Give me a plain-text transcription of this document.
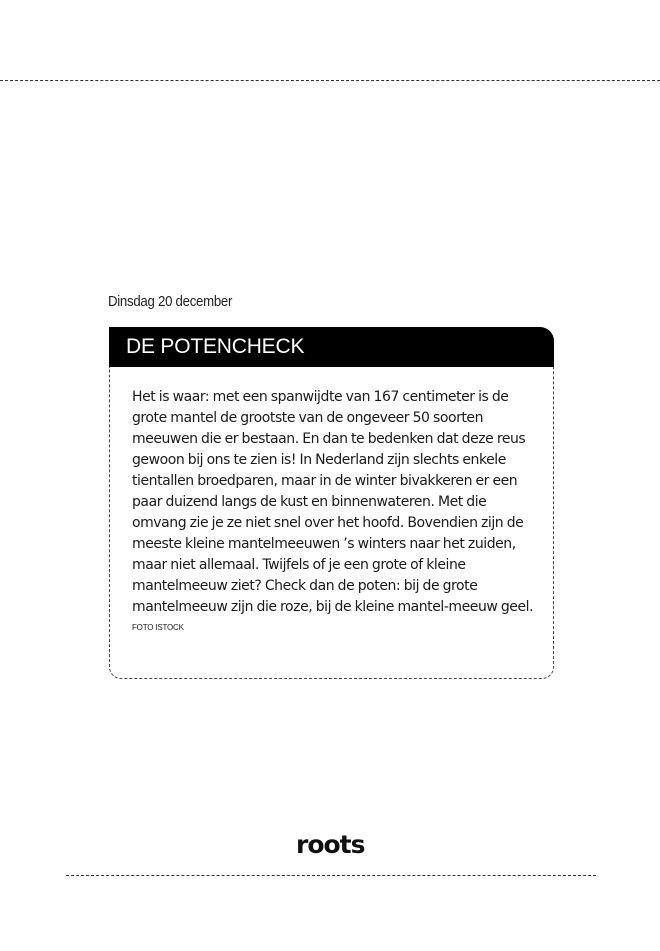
Dinsdag 20 december
DE POTENCHECK

Het is waar: met een spanwijdte van 167 centimeter is de grote mantel de grootste van de ongeveer 50 soorten meeuwen die er bestaan. En dan te bedenken dat deze reus gewoon bij ons te zien is! In Nederland zijn slechts enkele tientallen broedparen, maar in de winter bivakkeren er een paar duizend langs de kust en binnenwateren. Met die omvang zie je ze niet snel over het hoofd. Bovendien zijn de meeste kleine mantelmeeuwen ’s winters naar het zuiden, maar niet allemaal. Twijfels of je een grote of kleine mantelmeeuw ziet? Check dan de poten: bij de grote mantelmeeuw zijn die roze, bij de kleine mantel-meeuw geel.

FOTO ISTOCK
roots
